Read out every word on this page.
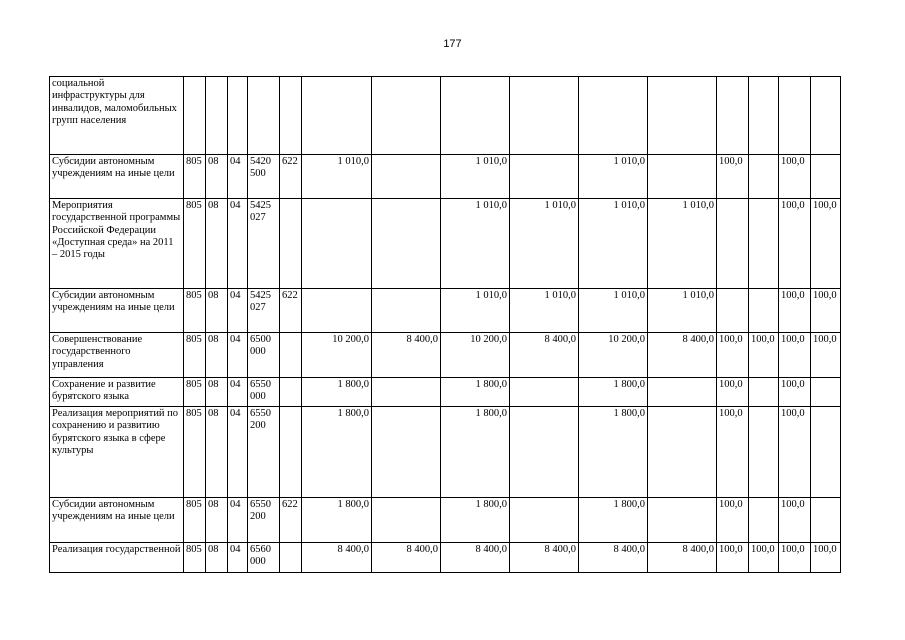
177
социальной инфраструктуры для инвалидов, маломобильных групп населения															
Субсидии автономным учреждениям на иные цели	805	08	04	5420 500	622	1 010,0		1 010,0		1 010,0		100,0		100,0	
Мероприятия государственной программы Российской Федерации «Доступная среда» на 2011 – 2015 годы	805	08	04	5425 027				1 010,0	1 010,0	1 010,0	1 010,0			100,0	100,0
Субсидии автономным учреждениям на иные цели	805	08	04	5425 027	622			1 010,0	1 010,0	1 010,0	1 010,0			100,0	100,0
Совершенствование государственного управления	805	08	04	6500 000		10 200,0	8 400,0	10 200,0	8 400,0	10 200,0	8 400,0	100,0	100,0	100,0	100,0
Сохранение и развитие бурятского языка	805	08	04	6550 000		1 800,0		1 800,0		1 800,0		100,0		100,0	
Реализация мероприятий по сохранению и развитию бурятского языка в сфере культуры	805	08	04	6550 200		1 800,0		1 800,0		1 800,0		100,0		100,0	
Субсидии автономным учреждениям на иные цели	805	08	04	6550 200	622	1 800,0		1 800,0		1 800,0		100,0		100,0	
Реализация государственной	805	08	04	6560 000		8 400,0	8 400,0	8 400,0	8 400,0	8 400,0	8 400,0	100,0	100,0	100,0	100,0
